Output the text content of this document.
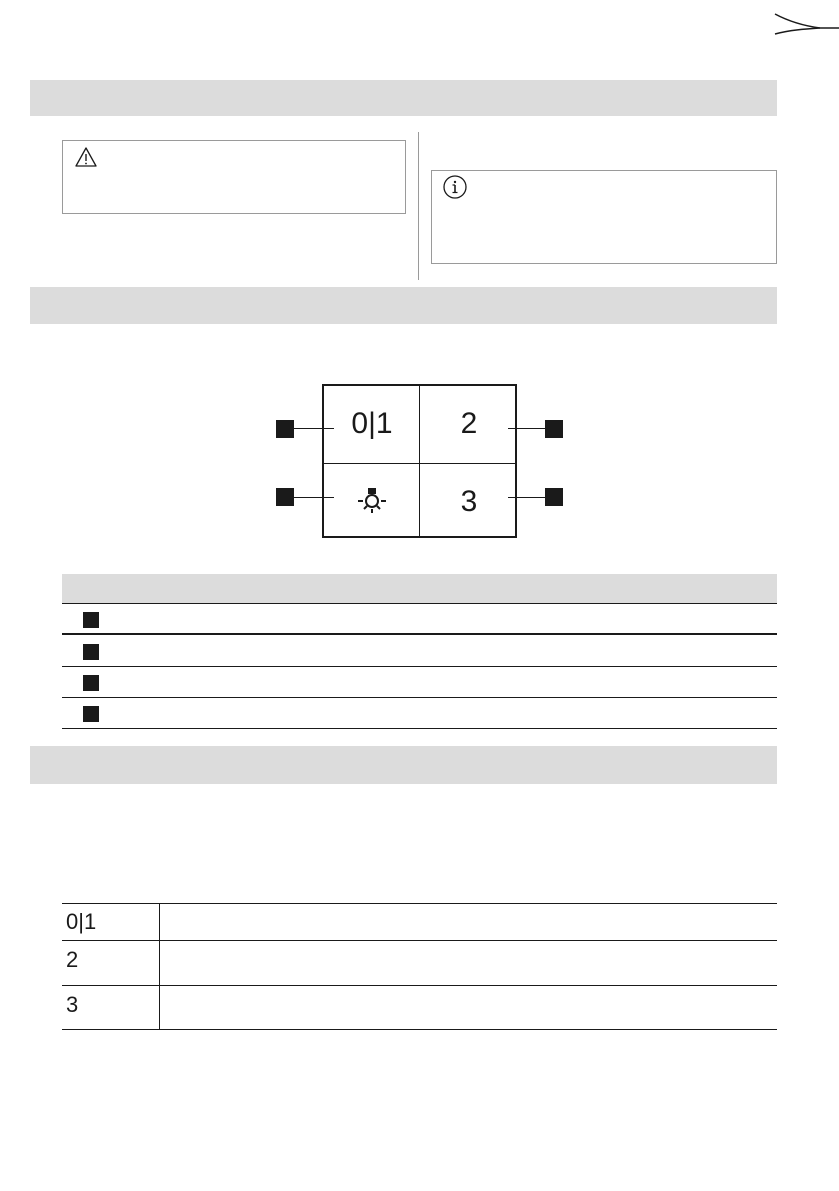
0|1	2
3
0|1
2
3
